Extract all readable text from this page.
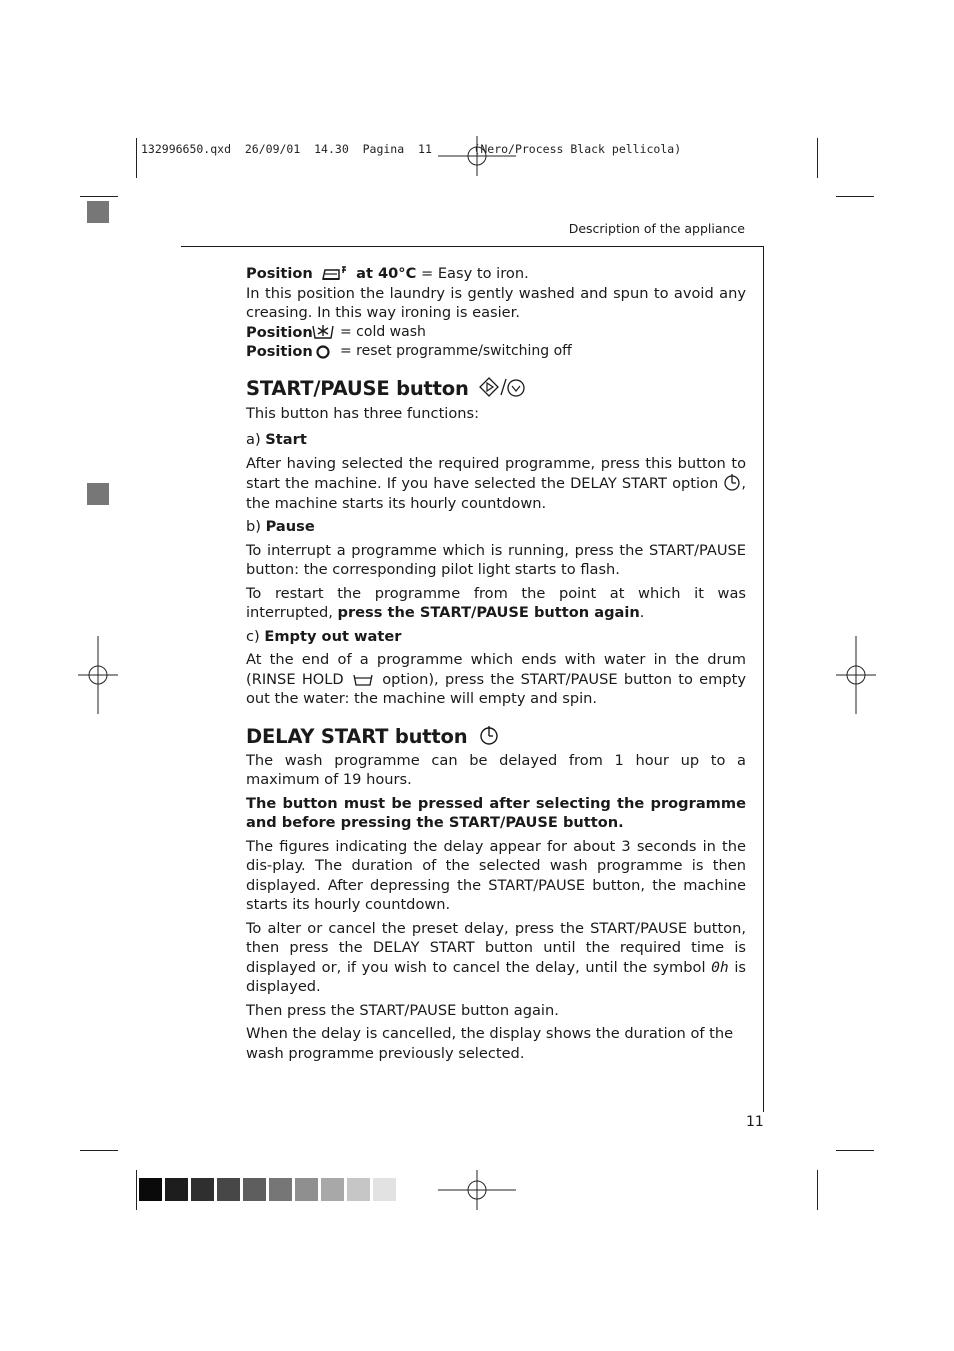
132996650.qxd 26/09/01 14.30 Pagina 11	(Nero/Process Black pellicola)
Description of the appliance

Position	at 40°C = Easy to iron.

In this position the laundry is gently washed and spun to avoid any creasing. In this way ironing is easier.

Position = cold wash
Position = reset programme/switching off
START/PAUSE button

This button has three functions:

a) Start

After having selected the required programme, press this button to start the machine. If you have selected the DELAY START option , the machine starts its hourly countdown.

b) Pause

To interrupt a programme which is running, press the START/PAUSE button: the corresponding pilot light starts to flash.

To restart the programme from the point at which it was interrupted, press the START/PAUSE button again.

c) Empty out water

At the end of a programme which ends with water in the drum (RINSE HOLD	option), press the START/PAUSE button to empty out the water: the machine will empty and spin.

DELAY START button

The wash programme can be delayed from 1 hour up to a maximum of 19 hours.

The button must be pressed after selecting the programme and before pressing the START/PAUSE button.

The figures indicating the delay appear for about 3 seconds in the dis-play. The duration of the selected wash programme is then displayed. After depressing the START/PAUSE button, the machine starts its hourly countdown.

To alter or cancel the preset delay, press the START/PAUSE button, then press the DELAY START button until the required time is displayed or, if you wish to cancel the delay, until the symbol 0h is displayed.

Then press the START/PAUSE button again.

When the delay is cancelled, the display shows the duration of the wash programme previously selected.

11
